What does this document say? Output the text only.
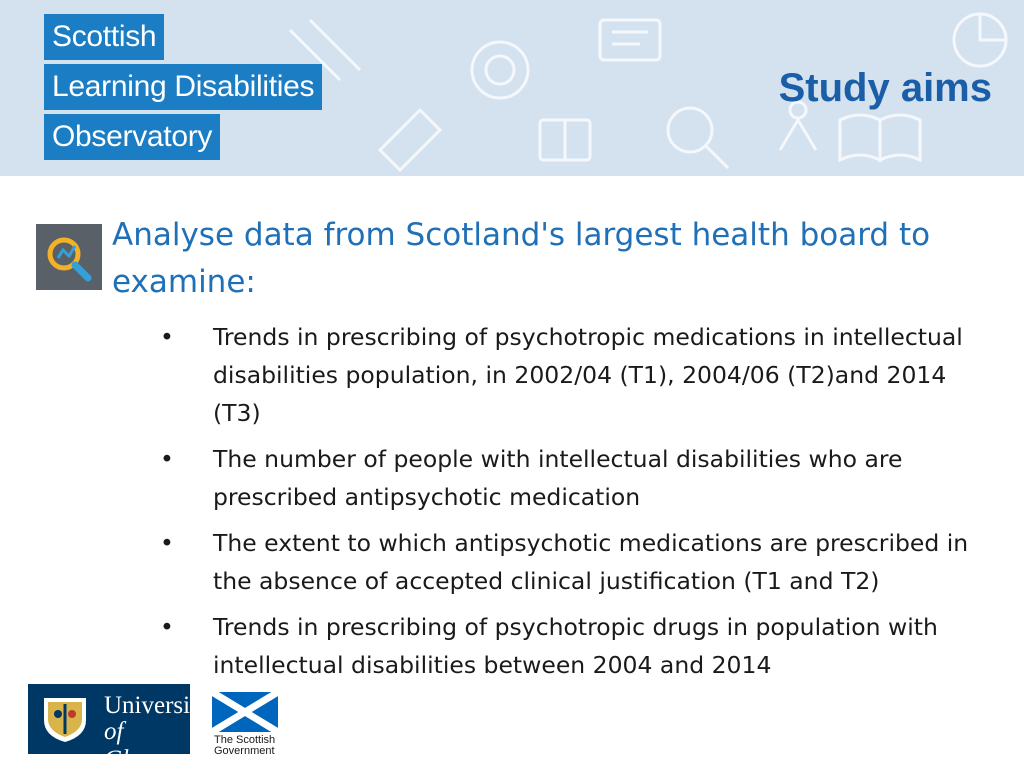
Scottish
Learning Disabilities
Observatory
Study aims

Analyse data from Scotland's largest health board to examine:

• Trends in prescribing of psychotropic medications in intellectual disabilities population, in 2002/04 (T1), 2004/06 (T2)and 2014 (T3)
• The number of people with intellectual disabilities who are prescribed antipsychotic medication
• The extent to which antipsychotic medications are prescribed in the absence of accepted clinical justification (T1 and T2)
• Trends in prescribing of psychotropic drugs in population with intellectual disabilities between 2004 and 2014
University
of Glasgow
The Scottish
Government
